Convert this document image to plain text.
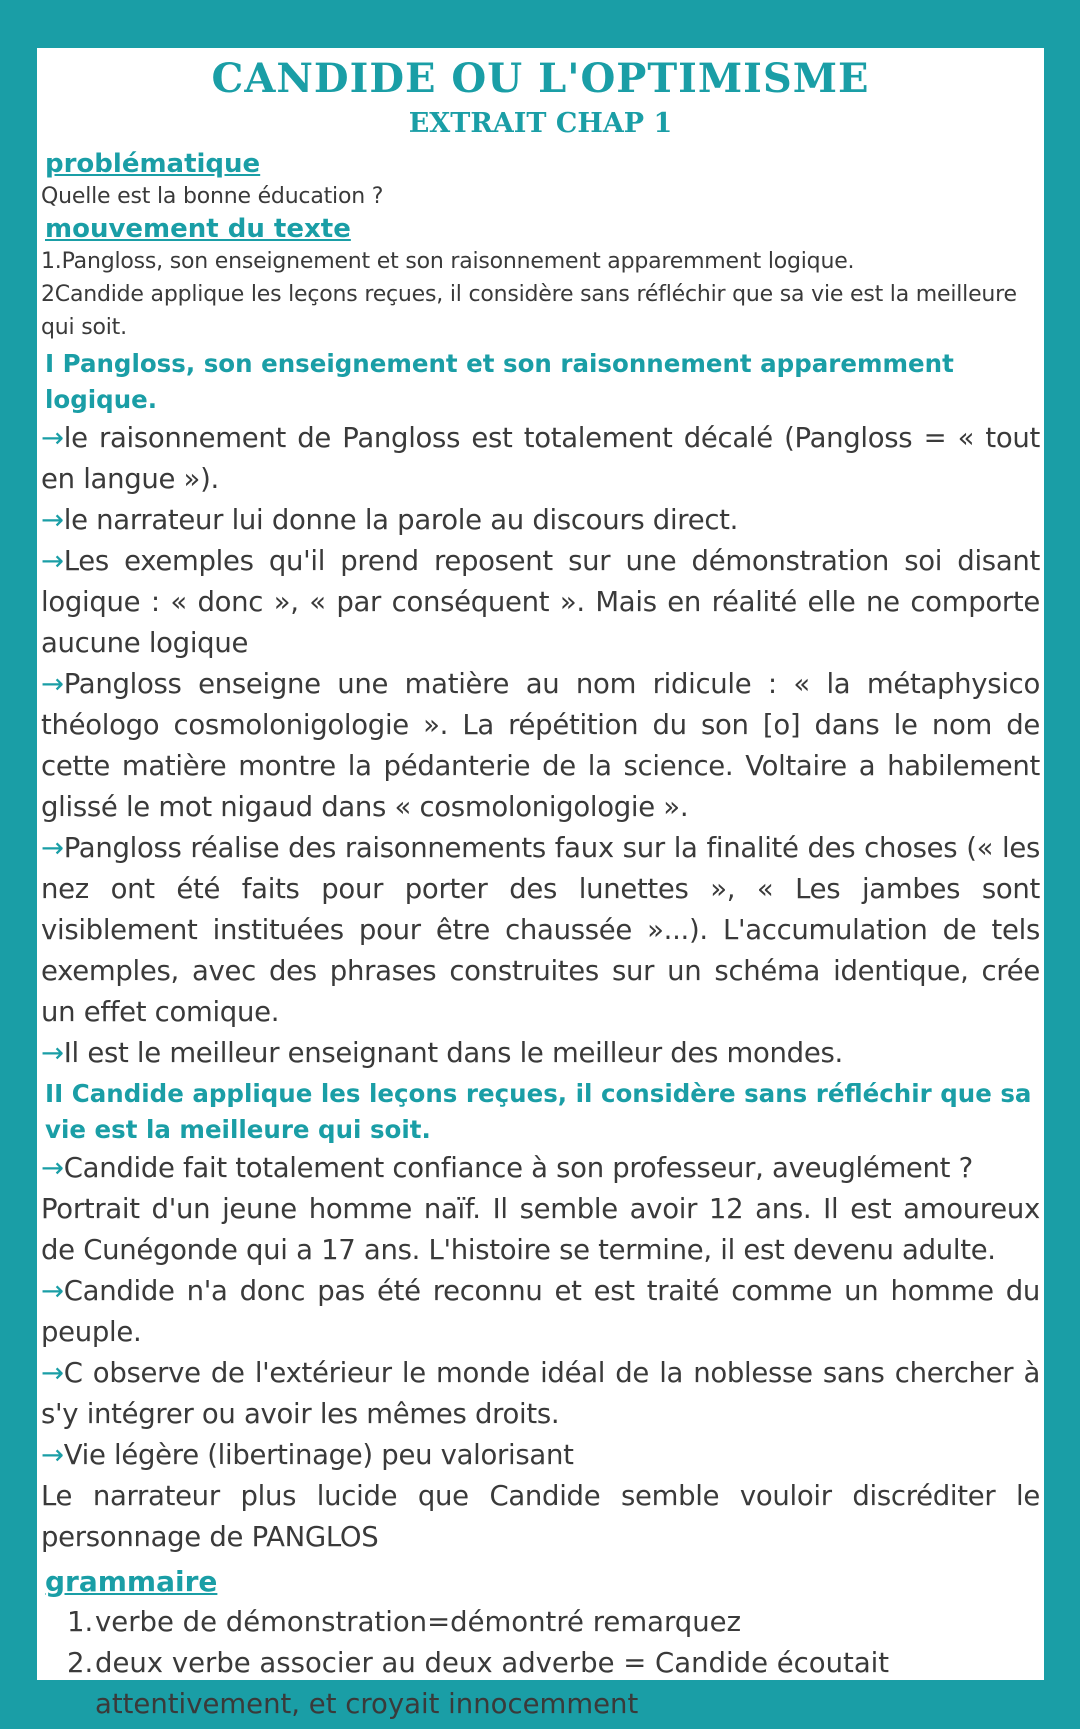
CANDIDE OU L'OPTIMISME
EXTRAIT CHAP 1
problématique

Quelle est la bonne éducation ?

mouvement du texte

1.Pangloss, son enseignement et son raisonnement apparemment logique.

2Candide applique les leçons reçues, il considère sans réfléchir que sa vie est la meilleure qui soit.

I Pangloss, son enseignement et son raisonnement apparemment logique.

→le raisonnement de Pangloss est totalement décalé (Pangloss = « tout en langue »).

→le narrateur lui donne la parole au discours direct.

→Les exemples qu'il prend reposent sur une démonstration soi disant logique : « donc », « par conséquent ». Mais en réalité elle ne comporte aucune logique

→Pangloss enseigne une matière au nom ridicule : « la métaphysico théologo cosmolonigologie ». La répétition du son [o] dans le nom de cette matière montre la pédanterie de la science. Voltaire a habilement glissé le mot nigaud dans « cosmolonigologie ».

→Pangloss réalise des raisonnements faux sur la finalité des choses (« les nez ont été faits pour porter des lunettes », « Les jambes sont visiblement instituées pour être chaussée »...). L'accumulation de tels exemples, avec des phrases construites sur un schéma identique, crée un effet comique.

→Il est le meilleur enseignant dans le meilleur des mondes.

II Candide applique les leçons reçues, il considère sans réfléchir que sa vie est la meilleure qui soit.

→Candide fait totalement confiance à son professeur, aveuglément ?

Portrait d'un jeune homme naïf. Il semble avoir 12 ans. Il est amoureux de Cunégonde qui a 17 ans. L'histoire se termine, il est devenu adulte.

→Candide n'a donc pas été reconnu et est traité comme un homme du peuple.

→C observe de l'extérieur le monde idéal de la noblesse sans chercher à s'y intégrer ou avoir les mêmes droits.

→Vie légère (libertinage) peu valorisant

Le narrateur plus lucide que Candide semble vouloir discréditer le personnage de PANGLOS

grammaire
1. verbe de démonstration=démontré remarquez
2. deux verbe associer au deux adverbe = Candide écoutait attentivement, et croyait innocemment
